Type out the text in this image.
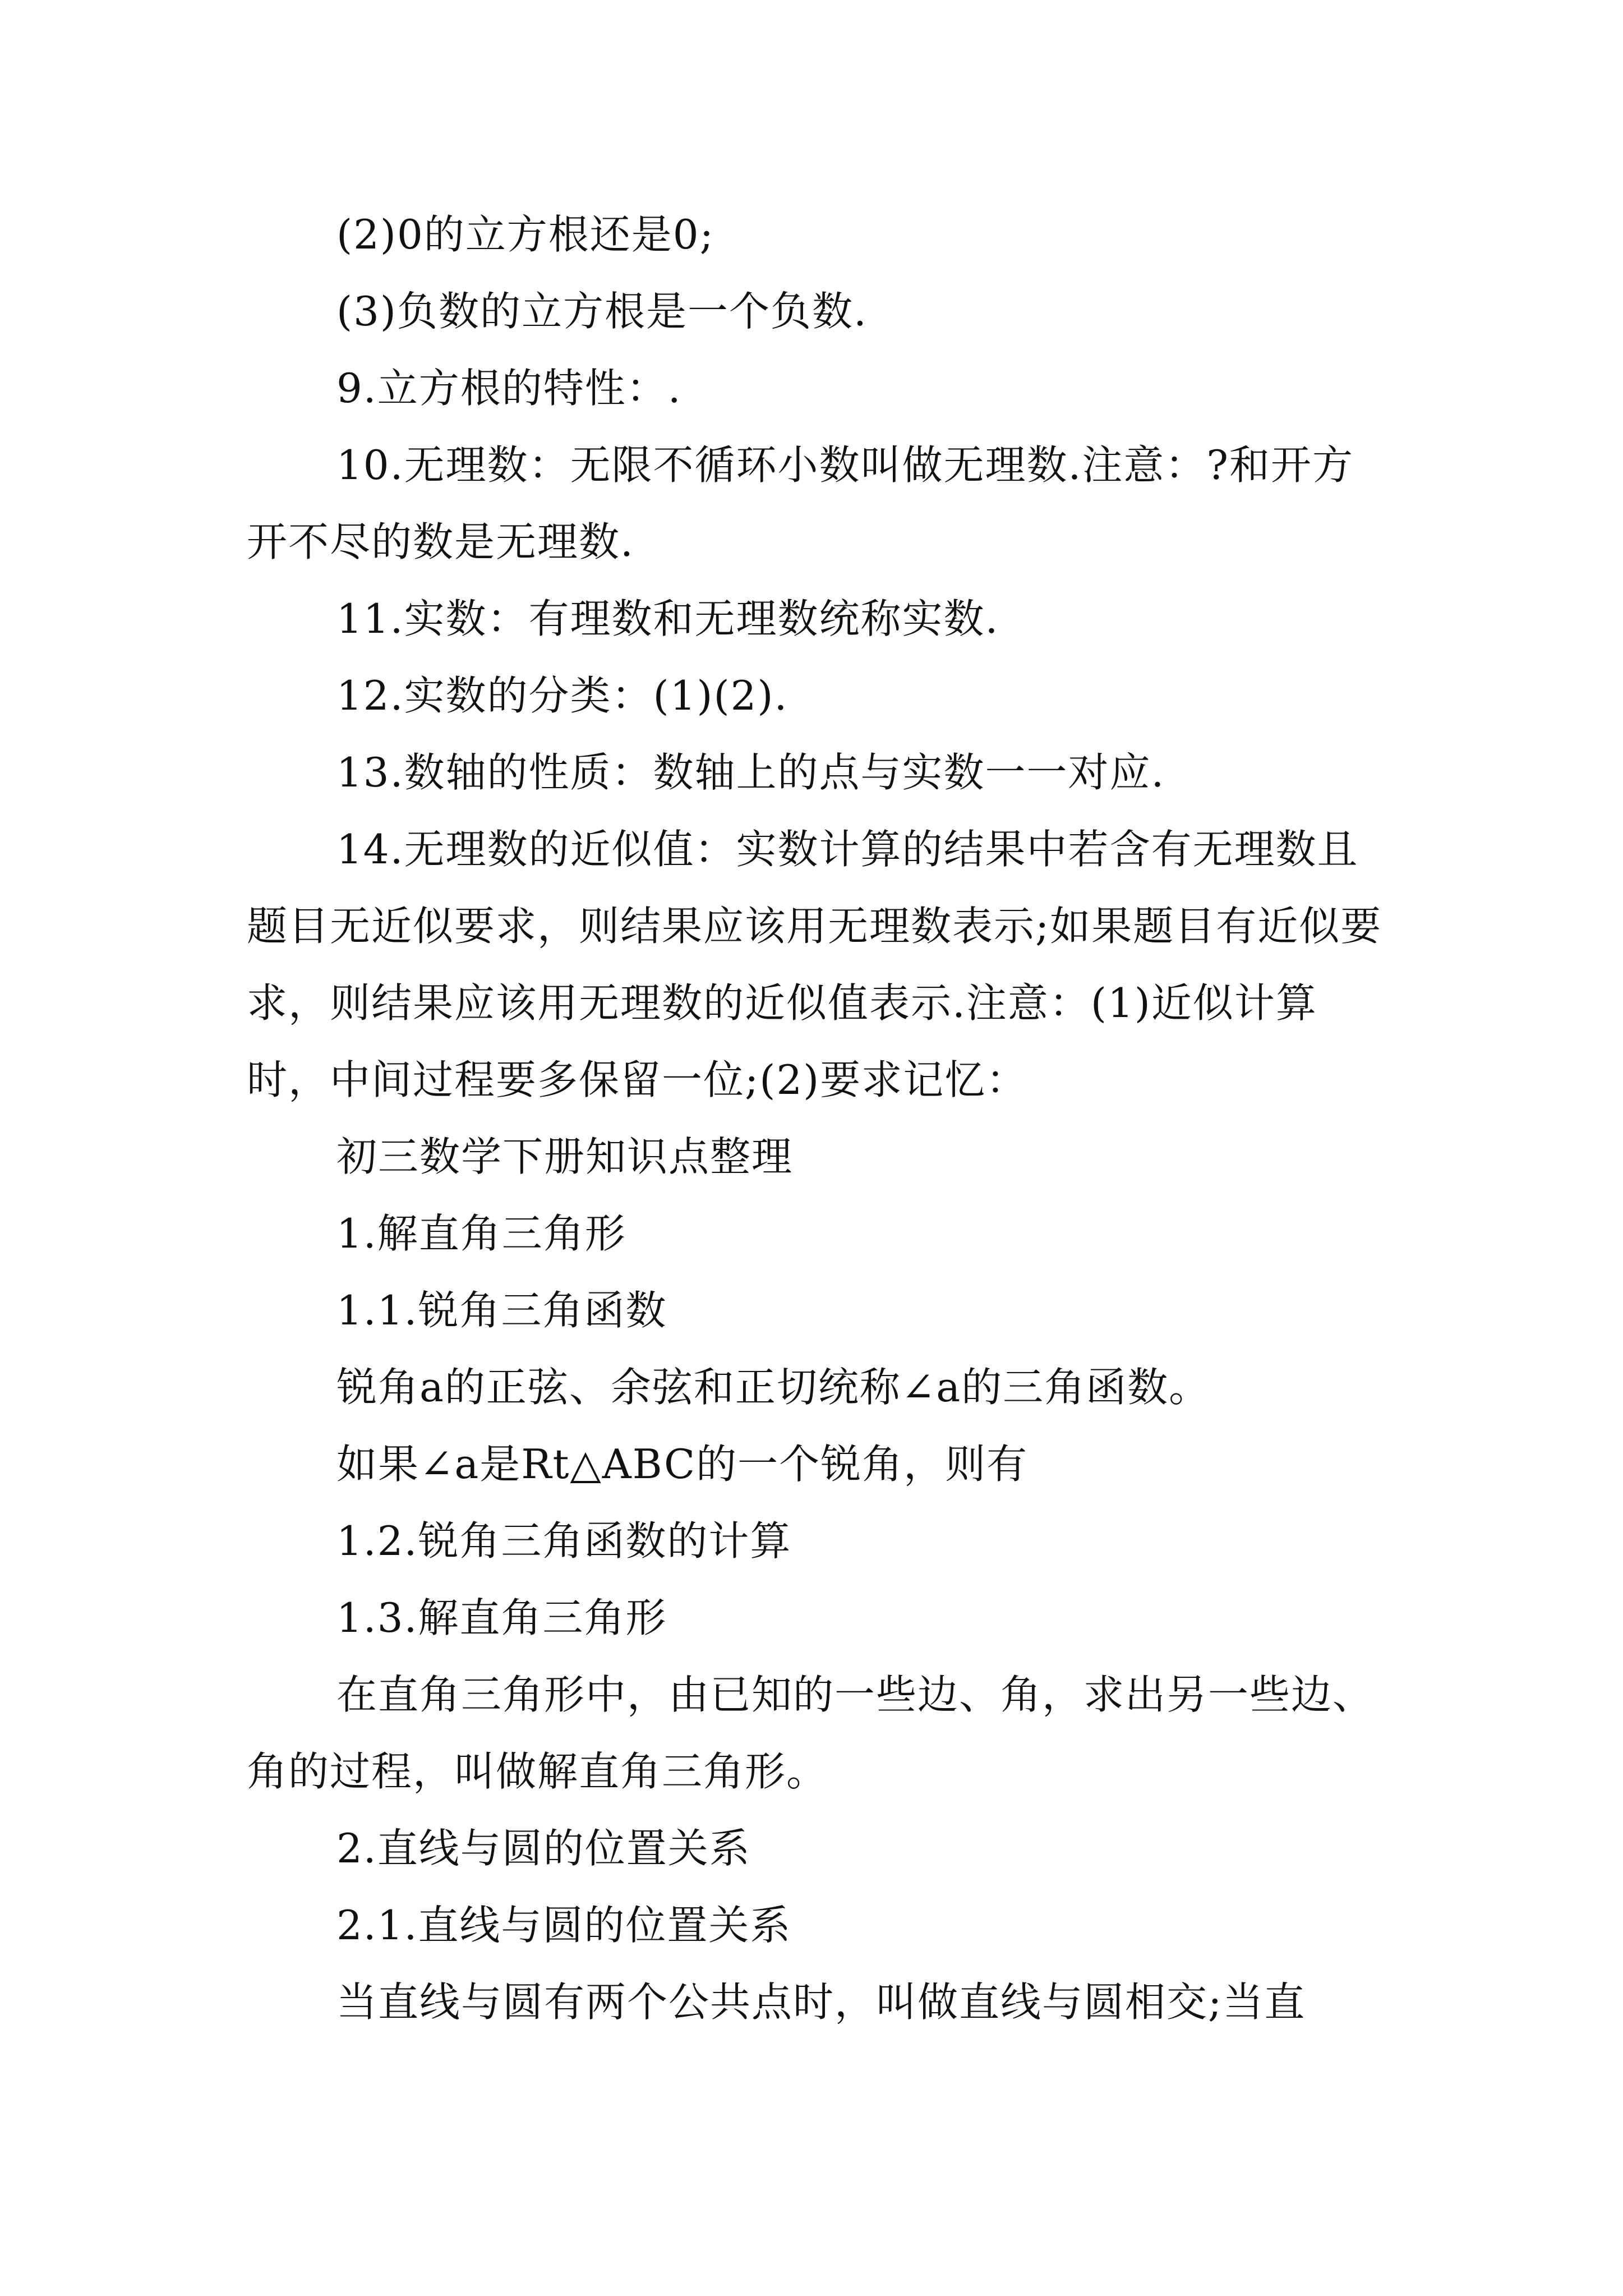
(2)0的立方根还是0;

(3)负数的立方根是一个负数.

9.立方根的特性：.

10.无理数：无限不循环小数叫做无理数.注意：?和开方开不尽的数是无理数.

11.实数：有理数和无理数统称实数.

12.实数的分类：(1)(2).

13.数轴的性质：数轴上的点与实数一一对应.

14.无理数的近似值：实数计算的结果中若含有无理数且题目无近似要求，则结果应该用无理数表示;如果题目有近似要求，则结果应该用无理数的近似值表示.注意：(1)近似计算时，中间过程要多保留一位;(2)要求记忆：

初三数学下册知识点整理

1.解直角三角形

1.1.锐角三角函数

锐角a的正弦、余弦和正切统称∠a的三角函数。

如果∠a是Rt△ABC的一个锐角，则有

1.2.锐角三角函数的计算

1.3.解直角三角形

在直角三角形中，由已知的一些边、角，求出另一些边、角的过程，叫做解直角三角形。

2.直线与圆的位置关系

2.1.直线与圆的位置关系

当直线与圆有两个公共点时，叫做直线与圆相交;当直
